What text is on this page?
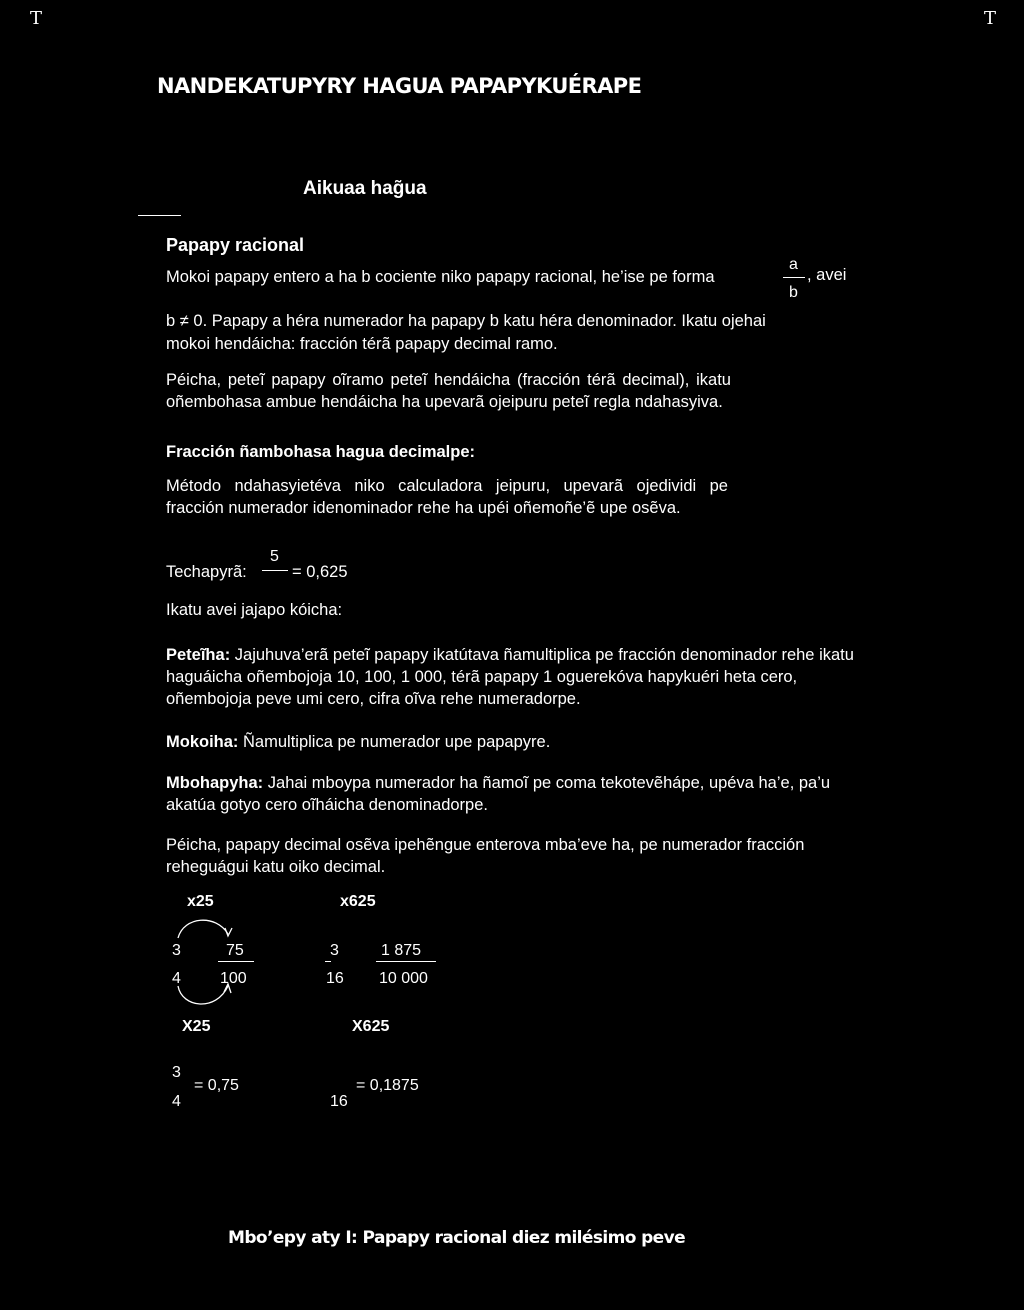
T	T
NANDEKATUPYRY HAGUA PAPAPYKUÉRAPE
Aikuaa hag̃ua
Papapy racional
Mokoi papapy entero a ha b cociente niko papapy racional, he’ise pe forma
a
b
, avei
b ≠ 0. Papapy a héra numerador ha papapy b katu héra denominador. Ikatu ojehai
mokoi hendáicha: fracción térã papapy decimal ramo.
Péicha, peteĩ papapy oĩramo peteĩ hendáicha (fracción térã decimal), ikatu oñembohasa ambue hendáicha ha upevarã ojeipuru peteĩ regla ndahasyiva.
Fracción ñambohasa hagua decimalpe:
Método ndahasyietéva niko calculadora jeipuru, upevarã ojedividi pe fracción numerador idenominador rehe ha upéi oñemoñe’ẽ upe osẽva.
Techapyrã:
5
= 0,625
Ikatu avei jajapo kóicha:
Peteĩha: Jajuhuva’erã peteĩ papapy ikatútava ñamultiplica pe fracción denominador rehe ikatu haguáicha oñembojoja 10, 100, 1 000, térã papapy 1 oguerekóva hapykuéri heta cero, oñembojoja peve umi cero, cifra oĩva rehe numeradorpe.
Mokoiha: Ñamultiplica pe numerador upe papapyre.
Mbohapyha: Jahai mboypa numerador ha ñamoĩ pe coma tekotevẽhápe, upéva ha’e, pa’u akatúa gotyo cero oĩháicha denominadorpe.
Péicha, papapy decimal osẽva ipehẽngue enterova mba’eve ha, pe numerador fracción reheguágui katu oiko decimal.
x25
3
4
75
100
X25
x625
3
16
1 875
10 000
X625
3
= 0,75
4
= 0,1875
16
Mbo’epy aty I: Papapy racional diez milésimo peve
